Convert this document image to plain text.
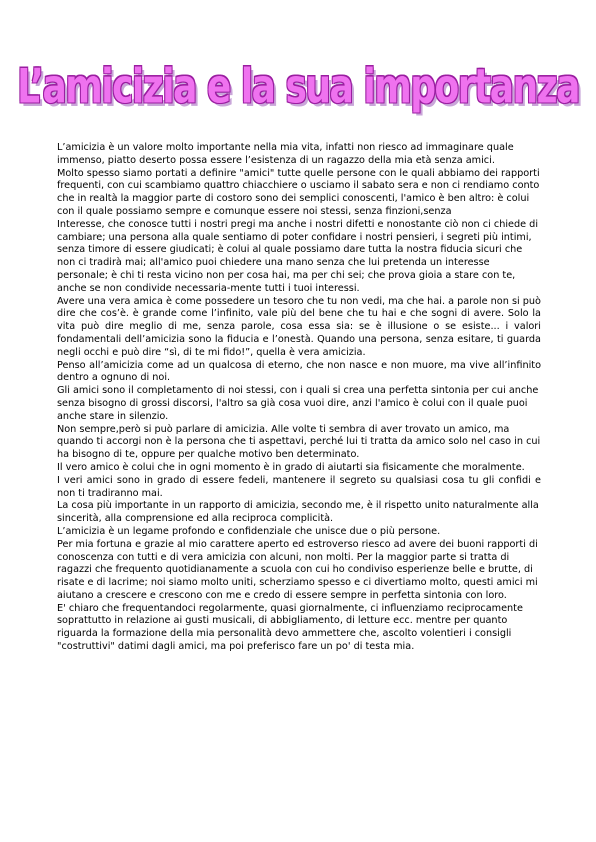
L’amicizia e la sua importanza

L’amicizia è un valore molto importante nella mia vita, infatti non riesco ad immaginare quale immenso, piatto deserto possa essere l’esistenza di un ragazzo della mia età senza amici.

Molto spesso siamo portati a definire "amici" tutte quelle persone con le quali abbiamo dei rapporti frequenti, con cui scambiamo quattro chiacchiere o usciamo il sabato sera e non ci rendiamo conto che in realtà la maggior parte di costoro sono dei semplici conoscenti, l'amico è ben altro: è colui con il quale possiamo sempre e comunque essere noi stessi, senza finzioni,senza

Interesse, che conosce tutti i nostri pregi ma anche i nostri difetti e nonostante ciò non ci chiede di cambiare; una persona alla quale sentiamo di poter confidare i nostri pensieri, i segreti più intimi, senza timore di essere giudicati; è colui al quale possiamo dare tutta la nostra fiducia sicuri che non ci tradirà mai; all'amico puoi chiedere una mano senza che lui pretenda un interesse personale; è chi ti resta vicino non per cosa hai, ma per chi sei; che prova gioia a stare con te, anche se non condivide necessaria-mente tutti i tuoi interessi.

Avere una vera amica è come possedere un tesoro che tu non vedi, ma che hai. a parole non si può dire che cos’è. è grande come l’infinito, vale più del bene che tu hai e che sogni di avere. Solo la vita può dire meglio di me, senza parole, cosa essa sia: se è illusione o se esiste... i valori fondamentali dell’amicizia sono la fiducia e l’onestà. Quando una persona, senza esitare, ti guarda negli occhi e può dire “sì, di te mi fido!”, quella è vera amicizia.

Penso all’amicizia come ad un qualcosa di eterno, che non nasce e non muore, ma vive all’infinito dentro a ognuno di noi.

Gli amici sono il completamento di noi stessi, con i quali si crea una perfetta sintonia per cui anche senza bisogno di grossi discorsi, l'altro sa già cosa vuoi dire, anzi l'amico è colui con il quale puoi anche stare in silenzio.

Non sempre,però si può parlare di amicizia. Alle volte ti sembra di aver trovato un amico, ma quando ti accorgi non è la persona che ti aspettavi, perché lui ti tratta da amico solo nel caso in cui ha bisogno di te, oppure per qualche motivo ben determinato.

Il vero amico è colui che in ogni momento è in grado di aiutarti sia fisicamente che moralmente.

I veri amici sono in grado di essere fedeli, mantenere il segreto su qualsiasi cosa tu gli confidi e non ti tradiranno mai.

La cosa più importante in un rapporto di amicizia, secondo me, è il rispetto unito naturalmente alla sincerità, alla comprensione ed alla reciproca complicità.

L’amicizia è un legame profondo e confidenziale che unisce due o più persone.

Per mia fortuna e grazie al mio carattere aperto ed estroverso riesco ad avere dei buoni rapporti di conoscenza con tutti e di vera amicizia con alcuni, non molti. Per la maggior parte si tratta di ragazzi che frequento quotidianamente a scuola con cui ho condiviso esperienze belle e brutte, di risate e di lacrime; noi siamo molto uniti, scherziamo spesso e ci divertiamo molto, questi amici mi aiutano a crescere e crescono con me e credo di essere sempre in perfetta sintonia con loro.

E' chiaro che frequentandoci regolarmente, quasi giornalmente, ci influenziamo reciprocamente soprattutto in relazione ai gusti musicali, di abbigliamento, di letture ecc. mentre per quanto riguarda la formazione della mia personalità devo ammettere che, ascolto volentieri i consigli "costruttivi" datimi dagli amici, ma poi preferisco fare un po' di testa mia.
